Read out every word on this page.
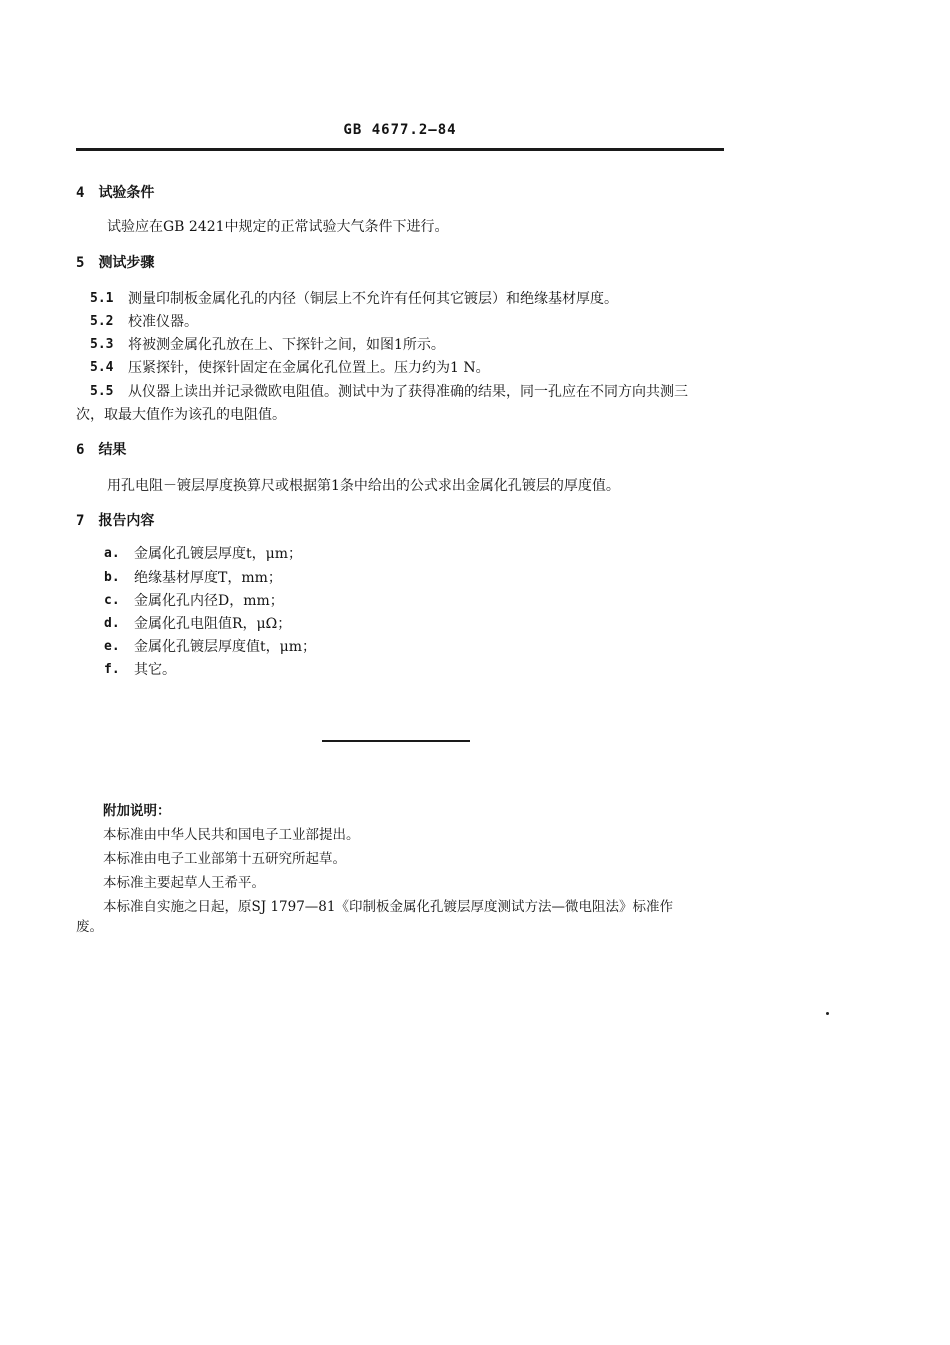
GB 4677.2—84
4 试验条件
试验应在GB 2421中规定的正常试验大气条件下进行。
5 测试步骤
5.1 测量印制板金属化孔的内径（铜层上不允许有任何其它镀层）和绝缘基材厚度。
5.2 校准仪器。
5.3 将被测金属化孔放在上、下探针之间，如图1所示。
5.4 压紧探针，使探针固定在金属化孔位置上。压力约为1 N。
5.5 从仪器上读出并记录微欧电阻值。测试中为了获得准确的结果，同一孔应在不同方向共测三
次，取最大值作为该孔的电阻值。
6 结果
用孔电阻－镀层厚度换算尺或根据第1条中给出的公式求出金属化孔镀层的厚度值。
7 报告内容
a. 金属化孔镀层厚度t，μm；
b. 绝缘基材厚度T，mm；
c. 金属化孔内径D，mm；
d. 金属化孔电阻值R，μΩ；
e. 金属化孔镀层厚度值t，μm；
f. 其它。
附加说明：
本标准由中华人民共和国电子工业部提出。
本标准由电子工业部第十五研究所起草。
本标准主要起草人王希平。
本标准自实施之日起，原SJ 1797—81《印制板金属化孔镀层厚度测试方法—微电阻法》标准作
废。
